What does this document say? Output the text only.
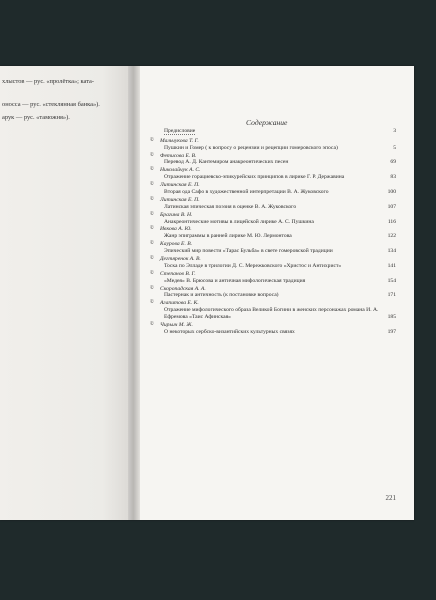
хлыстов — рус. «пролётка»; ката-
оносса — рус. «стеклянная банка»).
арук — рус. «таможня»).
Содержание
Предисловие	3
© Мальчукова Т. Г.
Пушкин и Гомер ( к вопросу о рецензии и рецепции гомеровского эпоса)	5
© Фетисова Е. В.
Перевод А. Д. Кантемиром анакреонтических песен	69
© Николайчук А. С.
Отражение горациевско-эпикурейских принципов в лирике Г. Р. Державина	83
© Литинская Е. П.
Вторая ода Сафо в художественной интерпретации В. А. Жуковского	100
© Литинская Е. П.
Латинская эпическая поэзия в оценке В. А. Жуковского	107
© Брагина В. Н.
Анакреонтические мотивы в лицейской лирике А. С. Пушкина	116
© Ивкова А. Ю.
Жанр эпиграммы в ранней лирике М. Ю. Лермонтова	122
© Каурова Е. В.
Эпический мир повести «Тарас Бульба» в свете гомеровской традиции	134
© Дегтяренок А. В.
Тоска по Элладе в трилогии Д. С. Мережковского «Христос и Антихрист»	141
© Степанов В. Г.
«Медея» В. Брюсова и античная мифологическая традиция	154
© Скоропадская А. А.
Пастернак и античность (к постановке вопроса)	171
© Агапитова Е. К.
Отражение мифологического образа Великой Богини в женских персонажах романа И. А. Ефремова «Таис Афинская»	185
© Чирьич М. Ж.
О некоторых сербско-византийских культурных связях	197
221
